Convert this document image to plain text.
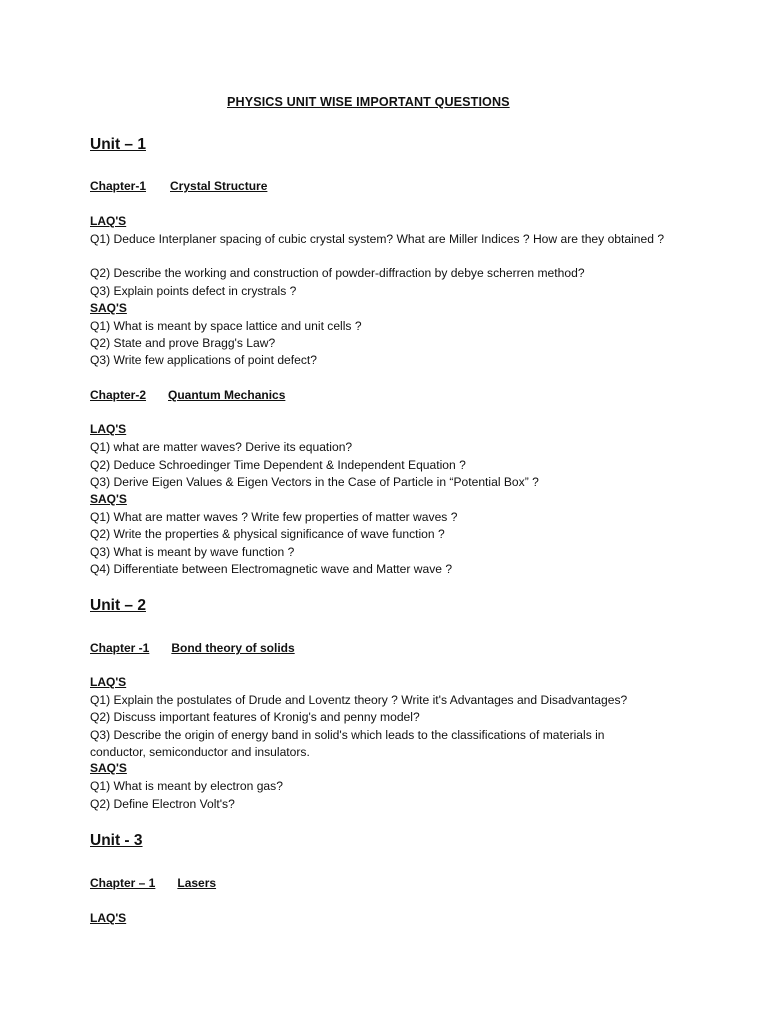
PHYSICS UNIT WISE IMPORTANT QUESTIONS
Unit – 1
Chapter-1 Crystal Structure
LAQ'S
Q1) Deduce Interplaner spacing of cubic crystal system? What are Miller Indices ? How are they obtained ?
Q2) Describe the working and construction of powder-diffraction by debye scherren method?
Q3) Explain points defect in crystrals ?
SAQ'S
Q1) What is meant by space lattice and unit cells ?
Q2) State and prove Bragg's Law?
Q3) Write few applications of point defect?
Chapter-2 Quantum Mechanics
LAQ'S
Q1) what are matter waves? Derive its equation?
Q2) Deduce Schroedinger Time Dependent & Independent Equation ?
Q3) Derive Eigen Values & Eigen Vectors in the Case of Particle in “Potential Box” ?
SAQ'S
Q1) What are matter waves ? Write few properties of matter waves ?
Q2) Write the properties & physical significance of wave function ?
Q3) What is meant by wave function ?
Q4) Differentiate between Electromagnetic wave and Matter wave ?
Unit – 2
Chapter -1 Bond theory of solids
LAQ'S
Q1) Explain the postulates of Drude and Loventz theory ? Write it's Advantages and Disadvantages?
Q2) Discuss important features of Kronig's and penny model?
Q3) Describe the origin of energy band in solid's which leads to the classifications of materials in conductor, semiconductor and insulators.
SAQ'S
Q1) What is meant by electron gas?
Q2) Define Electron Volt's?
Unit - 3
Chapter – 1 Lasers
LAQ'S
